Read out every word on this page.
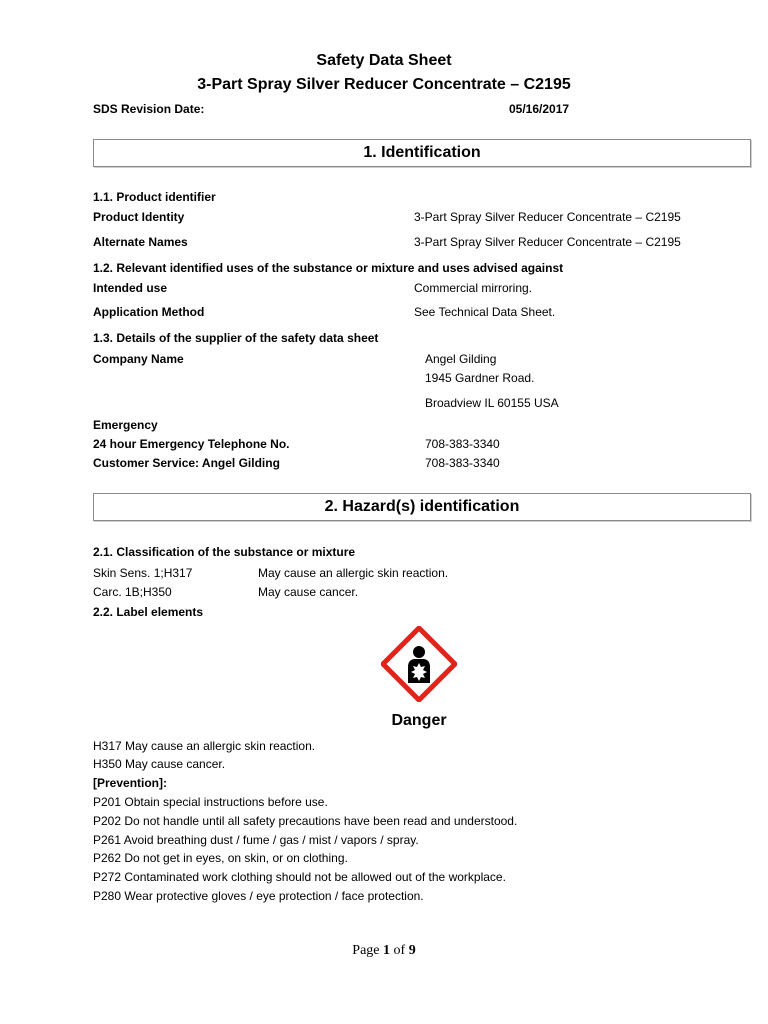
Safety Data Sheet
3-Part Spray Silver Reducer Concentrate – C2195
SDS Revision Date:	05/16/2017
1. Identification
1.1. Product identifier
Product Identity	3-Part Spray Silver Reducer Concentrate – C2195
Alternate Names	3-Part Spray Silver Reducer Concentrate – C2195
1.2. Relevant identified uses of the substance or mixture and uses advised against
Intended use	Commercial mirroring.
Application Method	See Technical Data Sheet.
1.3. Details of the supplier of the safety data sheet
Company Name	Angel Gilding
1945 Gardner Road.
Broadview IL 60155 USA
Emergency
24 hour Emergency Telephone No.	708-383-3340
Customer Service: Angel Gilding	708-383-3340
2. Hazard(s) identification
2.1. Classification of the substance or mixture
Skin Sens. 1;H317	May cause an allergic skin reaction.
Carc. 1B;H350	May cause cancer.
2.2. Label elements
Danger
H317 May cause an allergic skin reaction.
H350 May cause cancer.
[Prevention]:
P201 Obtain special instructions before use.
P202 Do not handle until all safety precautions have been read and understood.
P261 Avoid breathing dust / fume / gas / mist / vapors / spray.
P262 Do not get in eyes, on skin, or on clothing.
P272 Contaminated work clothing should not be allowed out of the workplace.
P280 Wear protective gloves / eye protection / face protection.
Page 1 of 9
